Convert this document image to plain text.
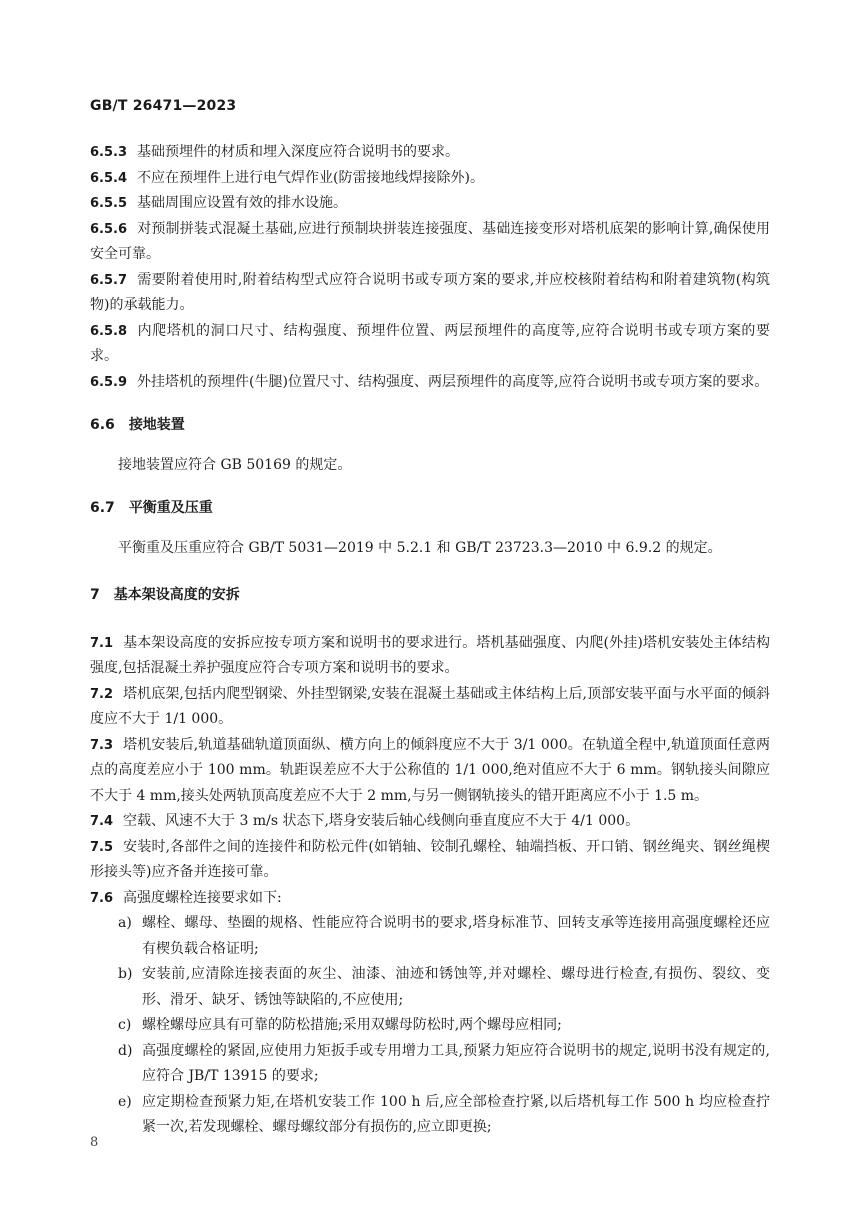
GB/T 26471—2023

6.5.3 基础预埋件的材质和埋入深度应符合说明书的要求。

6.5.4 不应在预埋件上进行电气焊作业(防雷接地线焊接除外)。

6.5.5 基础周围应设置有效的排水设施。

6.5.6 对预制拼装式混凝土基础,应进行预制块拼装连接强度、基础连接变形对塔机底架的影响计算,确保使用安全可靠。

6.5.7 需要附着使用时,附着结构型式应符合说明书或专项方案的要求,并应校核附着结构和附着建筑物(构筑物)的承载能力。

6.5.8 内爬塔机的洞口尺寸、结构强度、预埋件位置、两层预埋件的高度等,应符合说明书或专项方案的要求。

6.5.9 外挂塔机的预埋件(牛腿)位置尺寸、结构强度、两层预埋件的高度等,应符合说明书或专项方案的要求。

6.6 接地装置

接地装置应符合 GB 50169 的规定。

6.7 平衡重及压重

平衡重及压重应符合 GB/T 5031—2019 中 5.2.1 和 GB/T 23723.3—2010 中 6.9.2 的规定。

7 基本架设高度的安拆

7.1 基本架设高度的安拆应按专项方案和说明书的要求进行。塔机基础强度、内爬(外挂)塔机安装处主体结构强度,包括混凝土养护强度应符合专项方案和说明书的要求。

7.2 塔机底架,包括内爬型钢梁、外挂型钢梁,安装在混凝土基础或主体结构上后,顶部安装平面与水平面的倾斜度应不大于 1/1 000。

7.3 塔机安装后,轨道基础轨道顶面纵、横方向上的倾斜度应不大于 3/1 000。在轨道全程中,轨道顶面任意两点的高度差应小于 100 mm。轨距误差应不大于公称值的 1/1 000,绝对值应不大于 6 mm。钢轨接头间隙应不大于 4 mm,接头处两轨顶高度差应不大于 2 mm,与另一侧钢轨接头的错开距离应不小于 1.5 m。

7.4 空载、风速不大于 3 m/s 状态下,塔身安装后轴心线侧向垂直度应不大于 4/1 000。

7.5 安装时,各部件之间的连接件和防松元件(如销轴、铰制孔螺栓、轴端挡板、开口销、钢丝绳夹、钢丝绳楔形接头等)应齐备并连接可靠。

7.6 高强度螺栓连接要求如下:

a) 螺栓、螺母、垫圈的规格、性能应符合说明书的要求,塔身标准节、回转支承等连接用高强度螺栓还应有楔负载合格证明;

b) 安装前,应清除连接表面的灰尘、油漆、油迹和锈蚀等,并对螺栓、螺母进行检查,有损伤、裂纹、变形、滑牙、缺牙、锈蚀等缺陷的,不应使用;

c) 螺栓螺母应具有可靠的防松措施;采用双螺母防松时,两个螺母应相同;

d) 高强度螺栓的紧固,应使用力矩扳手或专用增力工具,预紧力矩应符合说明书的规定,说明书没有规定的,应符合 JB/T 13915 的要求;

e) 应定期检查预紧力矩,在塔机安装工作 100 h 后,应全部检查拧紧,以后塔机每工作 500 h 均应检查拧紧一次,若发现螺栓、螺母螺纹部分有损伤的,应立即更换;

8
